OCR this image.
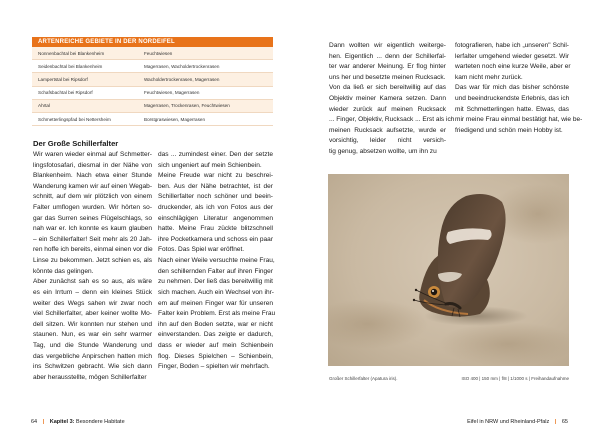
ARTENREICHE GEBIETE IN DER NORDEIFEL
Nonnenbachtal bei Blankenheim	Feuchtwiesen
Seidenbachtal bei Blankenheim	Magerrasen, Wacholdertrockenrasen
Lampertstal bei Ripsdorf	Wacholdertrockenrasen, Magerrasen
Schafsbachtal bei Ripsdorf	Feuchtwiesen, Magerrasen
Ahrtal	Magerrasen, Trockenrasen, Feuchtwiesen
Schmetterlingspfad bei Nettersheim	Borstgraswiesen, Magerrasen
Der Große Schillerfalter
Wir waren wieder einmal auf Schmetter-
lingsfotosafari, diesmal in der Nähe von
Blankenheim. Nach etwa einer Stunde
Wanderung kamen wir auf einen Wegab-
schnitt, auf dem wir plötzlich von einem
Falter umflogen wurden. Wir hörten so-
gar das Surren seines Flügelschlags, so
nah war er. Ich konnte es kaum glauben
– ein Schillerfalter! Seit mehr als 20 Jah-
ren hoffe ich bereits, einmal einen vor die
Linse zu bekommen. Jetzt schien es, als
könnte das gelingen.
Aber zunächst sah es so aus, als wäre
es ein Irrtum – denn ein kleines Stück
weiter des Wegs sahen wir zwar noch
viel Schillerfalter, aber keiner wollte Mo-
dell sitzen. Wir konnten nur stehen und
staunen. Nun, es war ein sehr warmer
Tag, und die Stunde Wanderung und
das vergebliche Anpirschen hatten mich
ins Schwitzen gebracht. Wie sich dann
aber herausstellte, mögen Schillerfalter
das ... zumindest einer. Den der setzte
sich ungeniert auf mein Schienbein.
Meine Freude war nicht zu beschrei-
ben. Aus der Nähe betrachtet, ist der
Schillerfalter noch schöner und beein-
druckender, als ich von Fotos aus der
einschlägigen Literatur angenommen
hatte. Meine Frau zückte blitzschnell
ihre Pocketkamera und schoss ein paar
Fotos. Das Spiel war eröffnet.
Nach einer Weile versuchte meine Frau,
den schillernden Falter auf ihren Finger
zu nehmen. Der ließ das bereitwillig mit
sich machen. Auch ein Wechsel von ihr-
em auf meinen Finger war für unseren
Falter kein Problem. Erst als meine Frau
ihn auf den Boden setzte, war er nicht
einverstanden. Das zeigte er dadurch,
dass er wieder auf mein Schienbein
flog. Dieses Spielchen – Schienbein,
Finger, Boden – spielten wir mehrfach.
Dann wollten wir eigentlich weiterge-
hen. Eigentlich ... denn der Schillerfal-
ter war anderer Meinung. Er flog hinter
uns her und besetzte meinen Rucksack.
Von da ließ er sich bereitwillig auf das
Objektiv meiner Kamera setzen. Dann
wieder zurück auf meinen Rucksack
... Finger, Objektiv, Rucksack ... Erst als ich
meinen Rucksack aufsetzte, wurde er
vorsichtig, leider nicht versich-
tig genug, absetzen wollte, um ihn zu
fotografieren, habe ich „unseren" Schil-
lerfalter umgehend wieder gesetzt. Wir
warteten noch eine kurze Weile, aber er
kam nicht mehr zurück.
Das war für mich das bisher schönste
und beeindruckendste Erlebnis, das ich
mit Schmetterlingen hatte. Etwas, das
mir meine Frau einmal bestätigt hat, wie be-
friedigend und schön mein Hobby ist.
Großer Schillerfalter (Apatura iris).	ISO 400 | 150 mm | f/8 | 1/1000 s | Freihandaufnahme
64 | Kapitel 3: Besondere Habitate	Eifel in NRW und Rheinland-Pfalz | 65
